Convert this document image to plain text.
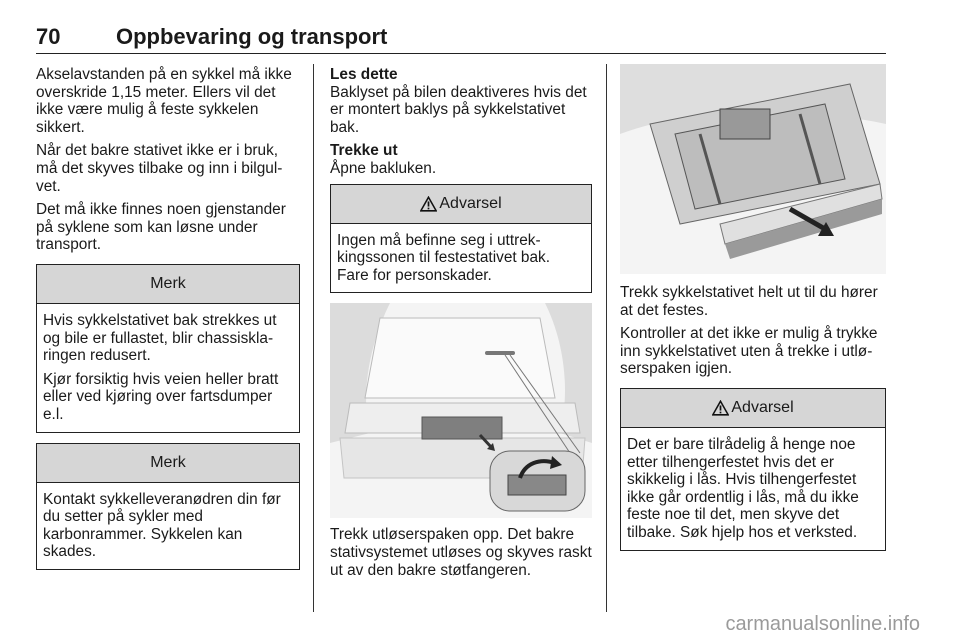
70	Oppbevaring og transport

Akselavstanden på en sykkel må ikke overskride 1,15 meter. Ellers vil det ikke være mulig å feste sykkelen sikkert.

Når det bakre stativet ikke er i bruk, må det skyves tilbake og inn i bilgulvet.

Det må ikke finnes noen gjenstander på syklene som kan løsne under transport.

Merk

Hvis sykkelstativet bak strekkes ut og bile er fullastet, blir chassisklaringen redusert.

Kjør forsiktig hvis veien heller bratt eller ved kjøring over fartsdumper e.l.

Merk

Kontakt sykkelleveranødren din før du setter på sykler med karbonrammer. Sykkelen kan skades.

Les dette

Baklyset på bilen deaktiveres hvis det er montert baklys på sykkelstativet bak.

Trekke ut

Åpne bakluken.

Advarsel

Ingen må befinne seg i uttrekkingssonen til festestativet bak. Fare for personskader.

Trekk utløserspaken opp. Det bakre stativsystemet utløses og skyves raskt ut av den bakre støtfangeren.

Trekk sykkelstativet helt ut til du hører at det festes.

Kontroller at det ikke er mulig å trykke inn sykkelstativet uten å trekke i utløserspaken igjen.

Advarsel

Det er bare tilrådelig å henge noe etter tilhengerfestet hvis det er skikkelig i lås. Hvis tilhengerfestet ikke går ordentlig i lås, må du ikke feste noe til det, men skyve det tilbake. Søk hjelp hos et verksted.

carmanualsonline.info
